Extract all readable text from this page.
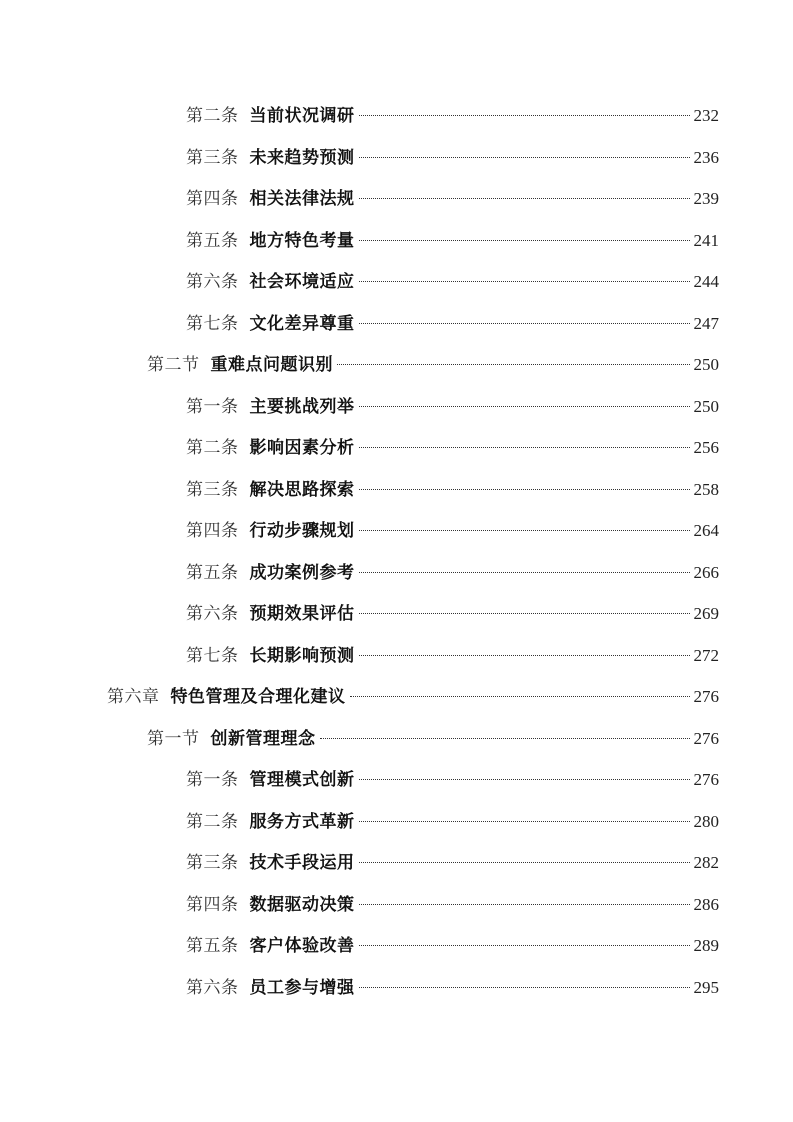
第二条 当前状况调研	232
第三条 未来趋势预测	236
第四条 相关法律法规	239
第五条 地方特色考量	241
第六条 社会环境适应	244
第七条 文化差异尊重	247
第二节 重难点问题识别	250
第一条 主要挑战列举	250
第二条 影响因素分析	256
第三条 解决思路探索	258
第四条 行动步骤规划	264
第五条 成功案例参考	266
第六条 预期效果评估	269
第七条 长期影响预测	272
第六章 特色管理及合理化建议	276
第一节 创新管理理念	276
第一条 管理模式创新	276
第二条 服务方式革新	280
第三条 技术手段运用	282
第四条 数据驱动决策	286
第五条 客户体验改善	289
第六条 员工参与增强	295
